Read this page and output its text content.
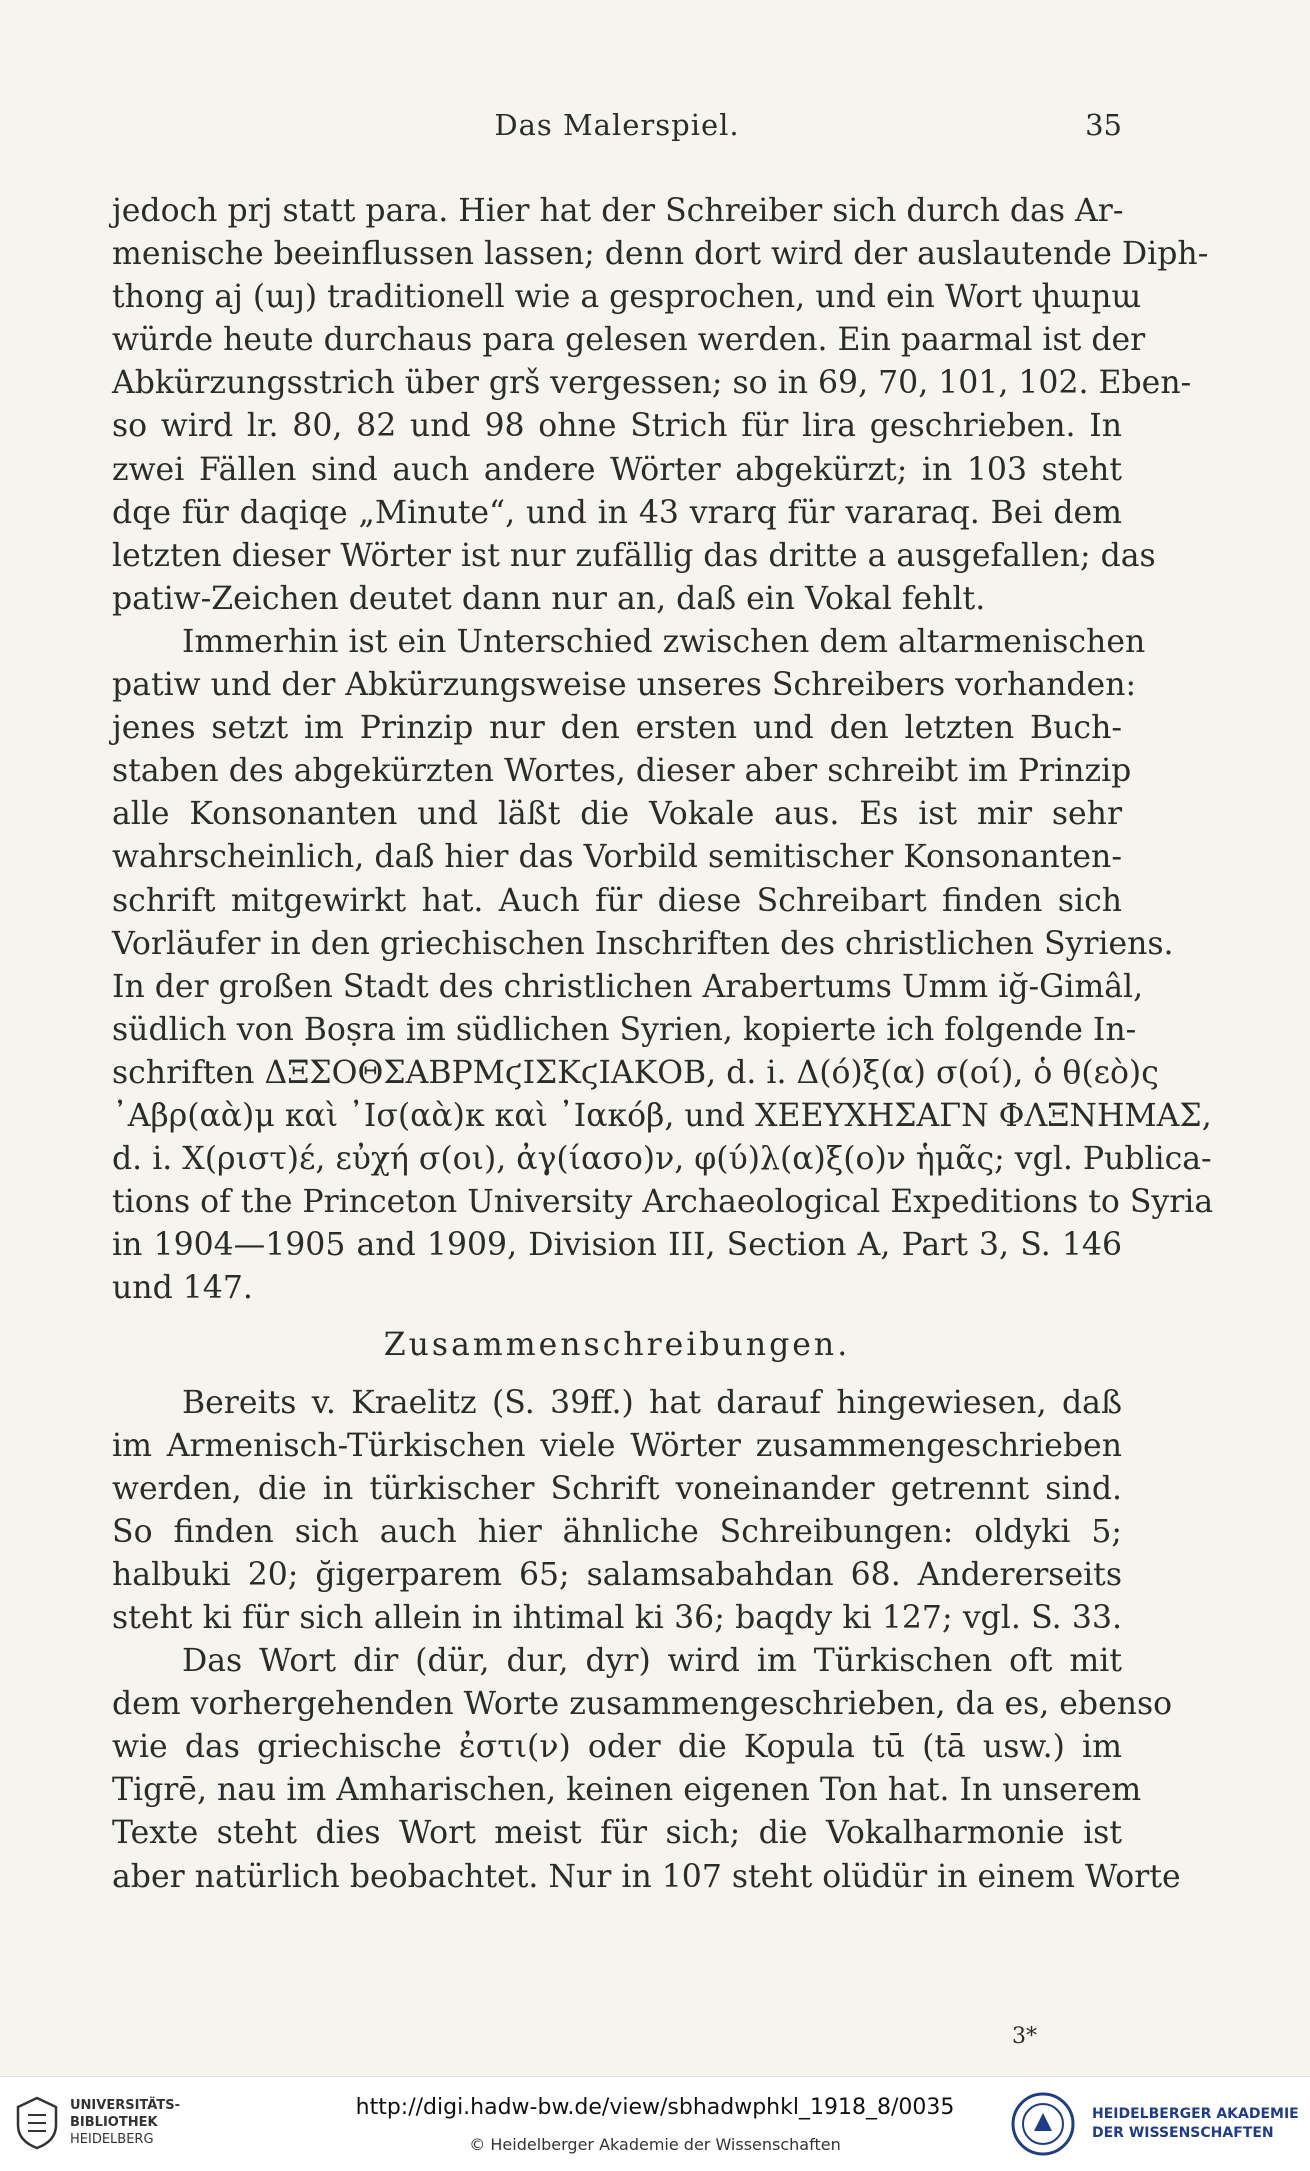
Das Malerspiel.	35

jedoch prj statt para. Hier hat der Schreiber sich durch das Ar-
menische beeinflussen lassen; denn dort wird der auslautende Diph-
thong aj (այ) traditionell wie a gesprochen, und ein Wort փարա
würde heute durchaus para gelesen werden. Ein paarmal ist der
Abkürzungsstrich über grš vergessen; so in 69, 70, 101, 102. Eben-
so wird lr. 80, 82 und 98 ohne Strich für lira geschrieben. In
zwei Fällen sind auch andere Wörter abgekürzt; in 103 steht
dqe für daqiqe „Minute“, und in 43 vrarq für vararaq. Bei dem
letzten dieser Wörter ist nur zufällig das dritte a ausgefallen; das
patiw-Zeichen deutet dann nur an, daß ein Vokal fehlt.

Immerhin ist ein Unterschied zwischen dem altarmenischen
patiw und der Abkürzungsweise unseres Schreibers vorhanden:
jenes setzt im Prinzip nur den ersten und den letzten Buch-
staben des abgekürzten Wortes, dieser aber schreibt im Prinzip
alle Konsonanten und läßt die Vokale aus. Es ist mir sehr
wahrscheinlich, daß hier das Vorbild semitischer Konsonanten-
schrift mitgewirkt hat. Auch für diese Schreibart finden sich
Vorläufer in den griechischen Inschriften des christlichen Syriens.
In der großen Stadt des christlichen Arabertums Umm iğ-Gimâl,
südlich von Boṣra im südlichen Syrien, kopierte ich folgende In-
schriften ΔΞΣΟΘΣΑΒΡΜϛΙΣΚϛΙΑΚΟΒ, d. i. Δ(ό)ξ(α) σ(οί), ὁ θ(εὸ)ς
᾿Αβρ(αὰ)μ καὶ ᾿Ισ(αὰ)κ καὶ ᾿Ιακόβ, und ΧΕΕΥΧΗΣΑΓΝ ΦΛΞΝΗΜΑΣ,
d. i. Χ(ριστ)έ, εὐχή σ(οι), ἀγ(ίασο)ν, φ(ύ)λ(α)ξ(ο)ν ἡμᾶς; vgl. Publica-
tions of the Princeton University Archaeological Expeditions to Syria
in 1904—1905 and 1909, Division III, Section A, Part 3, S. 146
und 147.

Zusammenschreibungen.

Bereits v. Kraelitz (S. 39ff.) hat darauf hingewiesen, daß
im Armenisch-Türkischen viele Wörter zusammengeschrieben
werden, die in türkischer Schrift voneinander getrennt sind.
So finden sich auch hier ähnliche Schreibungen: oldyki 5;
halbuki 20; ğigerparem 65; salamsabahdan 68. Andererseits
steht ki für sich allein in ihtimal ki 36; baqdy ki 127; vgl. S. 33.

Das Wort dir (dür, dur, dyr) wird im Türkischen oft mit
dem vorhergehenden Worte zusammengeschrieben, da es, ebenso
wie das griechische ἐστι(ν) oder die Kopula tū (tā usw.) im
Tigrē, nau im Amharischen, keinen eigenen Ton hat. In unserem
Texte steht dies Wort meist für sich; die Vokalharmonie ist
aber natürlich beobachtet. Nur in 107 steht olüdür in einem Worte

3*
UNIVERSITÄTS-
BIBLIOTHEK
HEIDELBERG
http://digi.hadw-bw.de/view/sbhadwphkl_1918_8/0035
© Heidelberger Akademie der Wissenschaften
HEIDELBERGER AKADEMIE
DER WISSENSCHAFTEN
